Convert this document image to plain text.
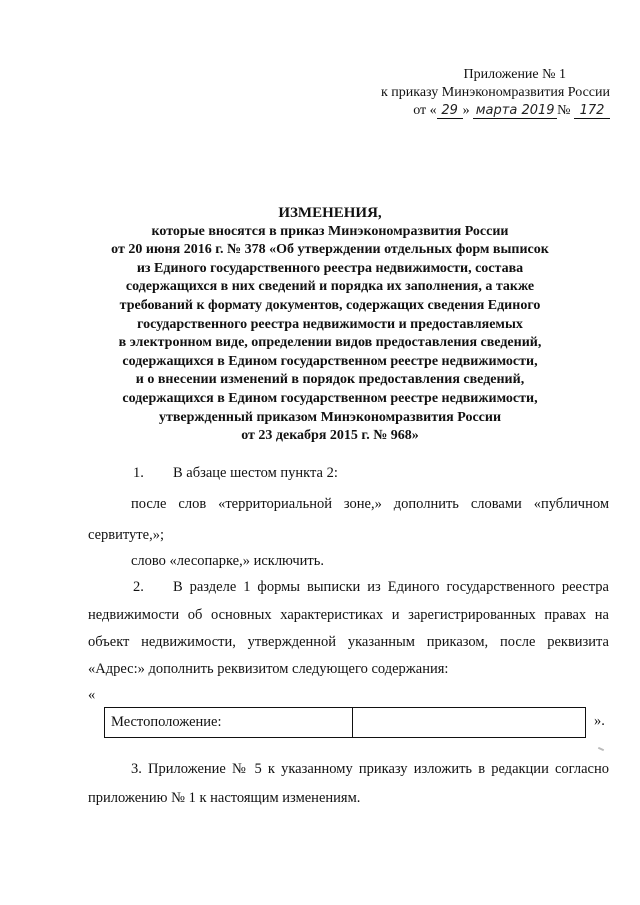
Приложение № 1
к приказу Минэкономразвития России
от « 29 » марта 2019 № 172
ИЗМЕНЕНИЯ,
которые вносятся в приказ Минэкономразвития России
от 20 июня 2016 г. № 378 «Об утверждении отдельных форм выписок
из Единого государственного реестра недвижимости, состава
содержащихся в них сведений и порядка их заполнения, а также
требований к формату документов, содержащих сведения Единого
государственного реестра недвижимости и предоставляемых
в электронном виде, определении видов предоставления сведений,
содержащихся в Едином государственном реестре недвижимости,
и о внесении изменений в порядок предоставления сведений,
содержащихся в Едином государственном реестре недвижимости,
утвержденный приказом Минэкономразвития России
от 23 декабря 2015 г. № 968»
1. В абзаце шестом пункта 2:
после слов «территориальной зоне,» дополнить словами «публичном
сервитуте,»;
слово «лесопарке,» исключить.
2. В разделе 1 формы выписки из Единого государственного реестра
недвижимости об основных характеристиках и зарегистрированных правах на
объект недвижимости, утвержденной указанным приказом, после реквизита
«Адрес:» дополнить реквизитом следующего содержания:
«
Местоположение:	».
3. Приложение № 5 к указанному приказу изложить в редакции согласно
приложению № 1 к настоящим изменениям.
